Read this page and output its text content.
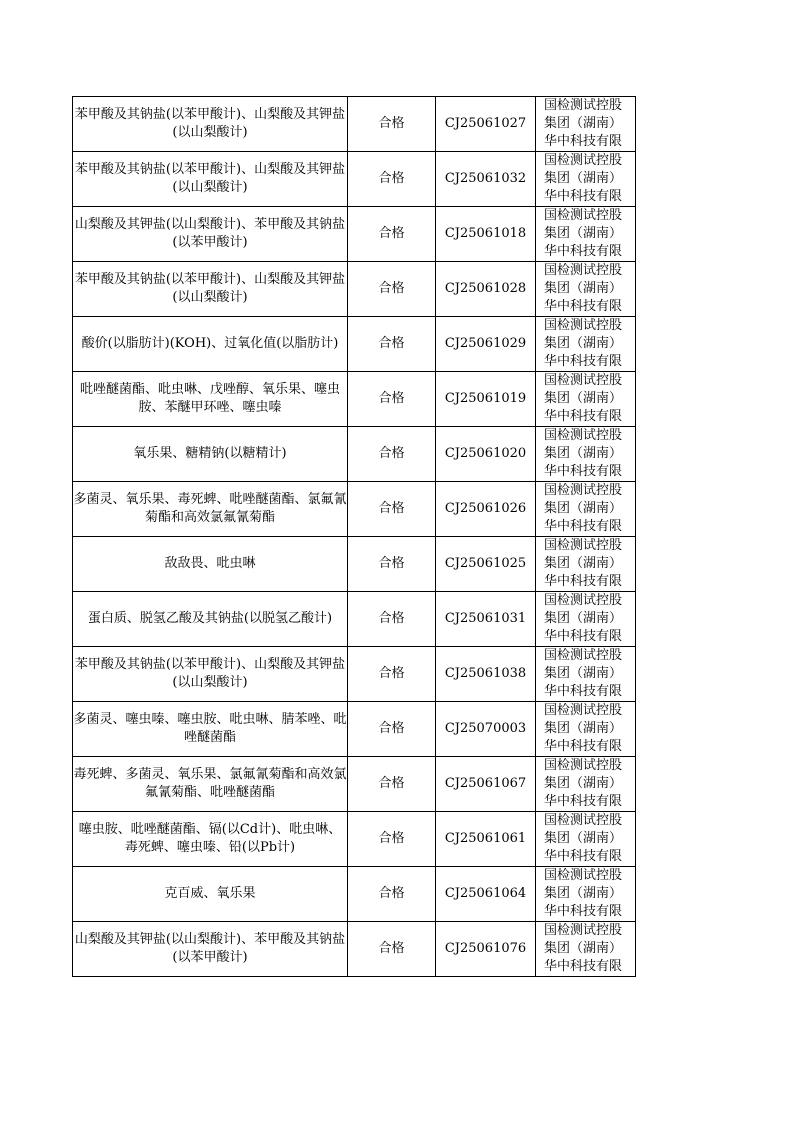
苯甲酸及其钠盐(以苯甲酸计)、山梨酸及其钾盐(以山梨酸计)	合格	CJ25061027	国检测试控股
集团（湖南）
华中科技有限

苯甲酸及其钠盐(以苯甲酸计)、山梨酸及其钾盐(以山梨酸计)	合格	CJ25061032	国检测试控股
集团（湖南）
华中科技有限

山梨酸及其钾盐(以山梨酸计)、苯甲酸及其钠盐(以苯甲酸计)	合格	CJ25061018	国检测试控股
集团（湖南）
华中科技有限

苯甲酸及其钠盐(以苯甲酸计)、山梨酸及其钾盐(以山梨酸计)	合格	CJ25061028	国检测试控股
集团（湖南）
华中科技有限

酸价(以脂肪计)(KOH)、过氧化值(以脂肪计)	合格	CJ25061029	国检测试控股
集团（湖南）
华中科技有限

吡唑醚菌酯、吡虫啉、戊唑醇、氧乐果、噻虫胺、苯醚甲环唑、噻虫嗪	合格	CJ25061019	国检测试控股
集团（湖南）
华中科技有限

氧乐果、糖精钠(以糖精计)	合格	CJ25061020	国检测试控股
集团（湖南）
华中科技有限

多菌灵、氧乐果、毒死蜱、吡唑醚菌酯、氯氟氰菊酯和高效氯氟氰菊酯	合格	CJ25061026	国检测试控股
集团（湖南）
华中科技有限

敌敌畏、吡虫啉	合格	CJ25061025	国检测试控股
集团（湖南）
华中科技有限

蛋白质、脱氢乙酸及其钠盐(以脱氢乙酸计)	合格	CJ25061031	国检测试控股
集团（湖南）
华中科技有限

苯甲酸及其钠盐(以苯甲酸计)、山梨酸及其钾盐(以山梨酸计)	合格	CJ25061038	国检测试控股
集团（湖南）
华中科技有限

多菌灵、噻虫嗪、噻虫胺、吡虫啉、腈苯唑、吡唑醚菌酯	合格	CJ25070003	国检测试控股
集团（湖南）
华中科技有限

毒死蜱、多菌灵、氧乐果、氯氟氰菊酯和高效氯氟氰菊酯、吡唑醚菌酯	合格	CJ25061067	国检测试控股
集团（湖南）
华中科技有限

噻虫胺、吡唑醚菌酯、镉(以Cd计)、吡虫啉、毒死蜱、噻虫嗪、铅(以Pb计)	合格	CJ25061061	国检测试控股
集团（湖南）
华中科技有限

克百威、氧乐果	合格	CJ25061064	国检测试控股
集团（湖南）
华中科技有限

山梨酸及其钾盐(以山梨酸计)、苯甲酸及其钠盐(以苯甲酸计)	合格	CJ25061076	国检测试控股
集团（湖南）
华中科技有限
